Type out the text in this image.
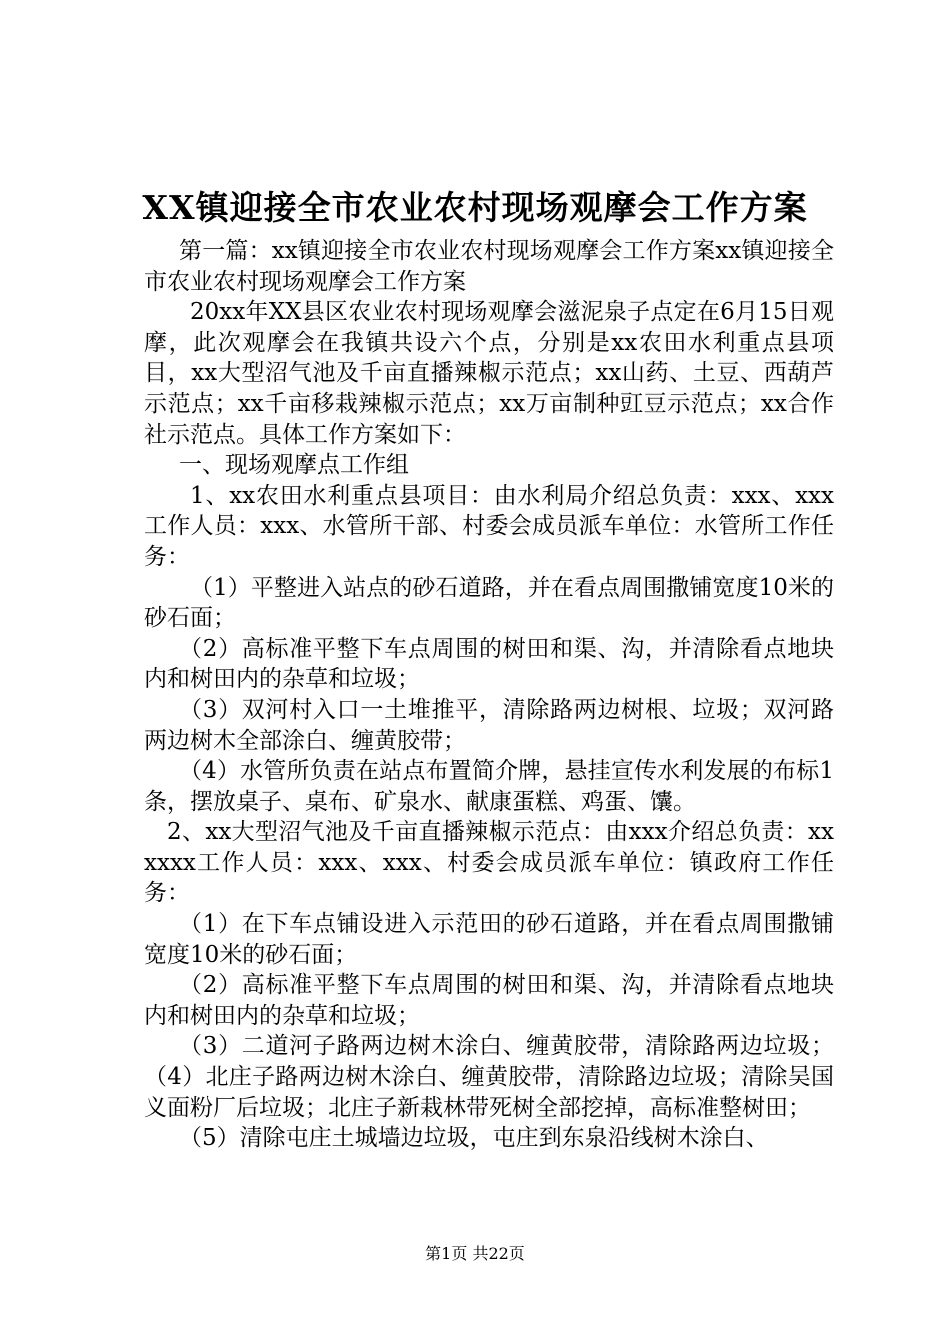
XX镇迎接全市农业农村现场观摩会工作方案

第一篇：xx镇迎接全市农业农村现场观摩会工作方案xx镇迎接全市农业农村现场观摩会工作方案

20xx年XX县区农业农村现场观摩会滋泥泉子点定在6月15日观摩，此次观摩会在我镇共设六个点，分别是xx农田水利重点县项目，xx大型沼气池及千亩直播辣椒示范点；xx山药、土豆、西葫芦示范点；xx千亩移栽辣椒示范点；xx万亩制种豇豆示范点；xx合作社示范点。具体工作方案如下：

一、现场观摩点工作组

1、xx农田水利重点县项目：由水利局介绍总负责：xxx、xxx工作人员：xxx、水管所干部、村委会成员派车单位：水管所工作任务：

（1）平整进入站点的砂石道路，并在看点周围撒铺宽度10米的砂石面；

（2）高标准平整下车点周围的树田和渠、沟，并清除看点地块内和树田内的杂草和垃圾；

（3）双河村入口一土堆推平，清除路两边树根、垃圾；双河路两边树木全部涂白、缠黄胶带；

（4）水管所负责在站点布置简介牌，悬挂宣传水利发展的布标1条，摆放桌子、桌布、矿泉水、献康蛋糕、鸡蛋、馕。

2、xx大型沼气池及千亩直播辣椒示范点：由xxx介绍总负责：xxxxxx工作人员：xxx、xxx、村委会成员派车单位：镇政府工作任务：

（1）在下车点铺设进入示范田的砂石道路，并在看点周围撒铺宽度10米的砂石面；

（2）高标准平整下车点周围的树田和渠、沟，并清除看点地块内和树田内的杂草和垃圾；

（3）二道河子路两边树木涂白、缠黄胶带，清除路两边垃圾；（4）北庄子路两边树木涂白、缠黄胶带，清除路边垃圾；清除吴国义面粉厂后垃圾；北庄子新栽林带死树全部挖掉，高标准整树田；

（5）清除屯庄土城墙边垃圾，屯庄到东泉沿线树木涂白、

第1页 共22页
